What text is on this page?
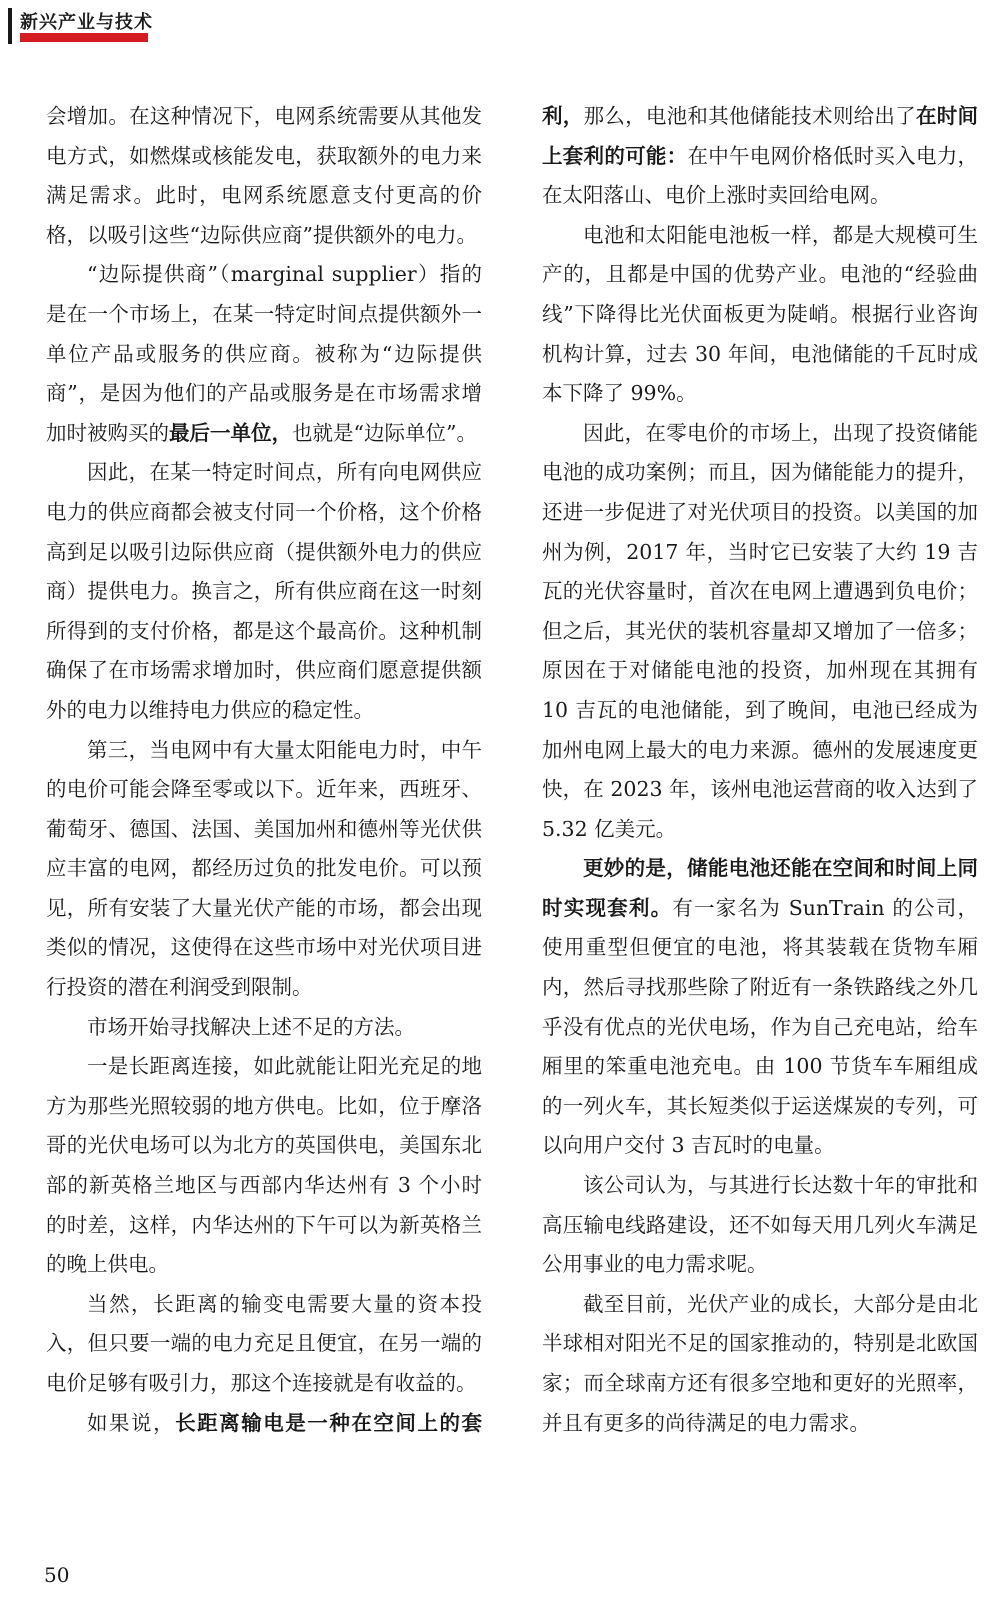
新兴产业与技术

会增加。在这种情况下，电网系统需要从其他发电方式，如燃煤或核能发电，获取额外的电力来满足需求。此时，电网系统愿意支付更高的价格，以吸引这些“边际供应商”提供额外的电力。

“边际提供商”（marginal supplier）指的是在一个市场上，在某一特定时间点提供额外一单位产品或服务的供应商。被称为“边际提供商”，是因为他们的产品或服务是在市场需求增加时被购买的最后一单位，也就是“边际单位”。

因此，在某一特定时间点，所有向电网供应电力的供应商都会被支付同一个价格，这个价格高到足以吸引边际供应商（提供额外电力的供应商）提供电力。换言之，所有供应商在这一时刻所得到的支付价格，都是这个最高价。这种机制确保了在市场需求增加时，供应商们愿意提供额外的电力以维持电力供应的稳定性。

第三，当电网中有大量太阳能电力时，中午的电价可能会降至零或以下。近年来，西班牙、葡萄牙、德国、法国、美国加州和德州等光伏供应丰富的电网，都经历过负的批发电价。可以预见，所有安装了大量光伏产能的市场，都会出现类似的情况，这使得在这些市场中对光伏项目进行投资的潜在利润受到限制。

市场开始寻找解决上述不足的方法。

一是长距离连接，如此就能让阳光充足的地方为那些光照较弱的地方供电。比如，位于摩洛哥的光伏电场可以为北方的英国供电，美国东北部的新英格兰地区与西部内华达州有 3 个小时的时差，这样，内华达州的下午可以为新英格兰的晚上供电。

当然，长距离的输变电需要大量的资本投入，但只要一端的电力充足且便宜，在另一端的电价足够有吸引力，那这个连接就是有收益的。

如果说，长距离输电是一种在空间上的套

利，那么，电池和其他储能技术则给出了在时间上套利的可能：在中午电网价格低时买入电力，在太阳落山、电价上涨时卖回给电网。

电池和太阳能电池板一样，都是大规模可生产的，且都是中国的优势产业。电池的“经验曲线”下降得比光伏面板更为陡峭。根据行业咨询机构计算，过去 30 年间，电池储能的千瓦时成本下降了 99%。

因此，在零电价的市场上，出现了投资储能电池的成功案例；而且，因为储能能力的提升，还进一步促进了对光伏项目的投资。以美国的加州为例，2017 年，当时它已安装了大约 19 吉瓦的光伏容量时，首次在电网上遭遇到负电价；但之后，其光伏的装机容量却又增加了一倍多；原因在于对储能电池的投资，加州现在其拥有 10 吉瓦的电池储能，到了晚间，电池已经成为加州电网上最大的电力来源。德州的发展速度更快，在 2023 年，该州电池运营商的收入达到了 5.32 亿美元。

更妙的是，储能电池还能在空间和时间上同时实现套利。有一家名为 SunTrain 的公司，使用重型但便宜的电池，将其装载在货物车厢内，然后寻找那些除了附近有一条铁路线之外几乎没有优点的光伏电场，作为自己充电站，给车厢里的笨重电池充电。由 100 节货车车厢组成的一列火车，其长短类似于运送煤炭的专列，可以向用户交付 3 吉瓦时的电量。

该公司认为，与其进行长达数十年的审批和高压输电线路建设，还不如每天用几列火车满足公用事业的电力需求呢。

截至目前，光伏产业的成长，大部分是由北半球相对阳光不足的国家推动的，特别是北欧国家；而全球南方还有很多空地和更好的光照率，并且有更多的尚待满足的电力需求。

50
